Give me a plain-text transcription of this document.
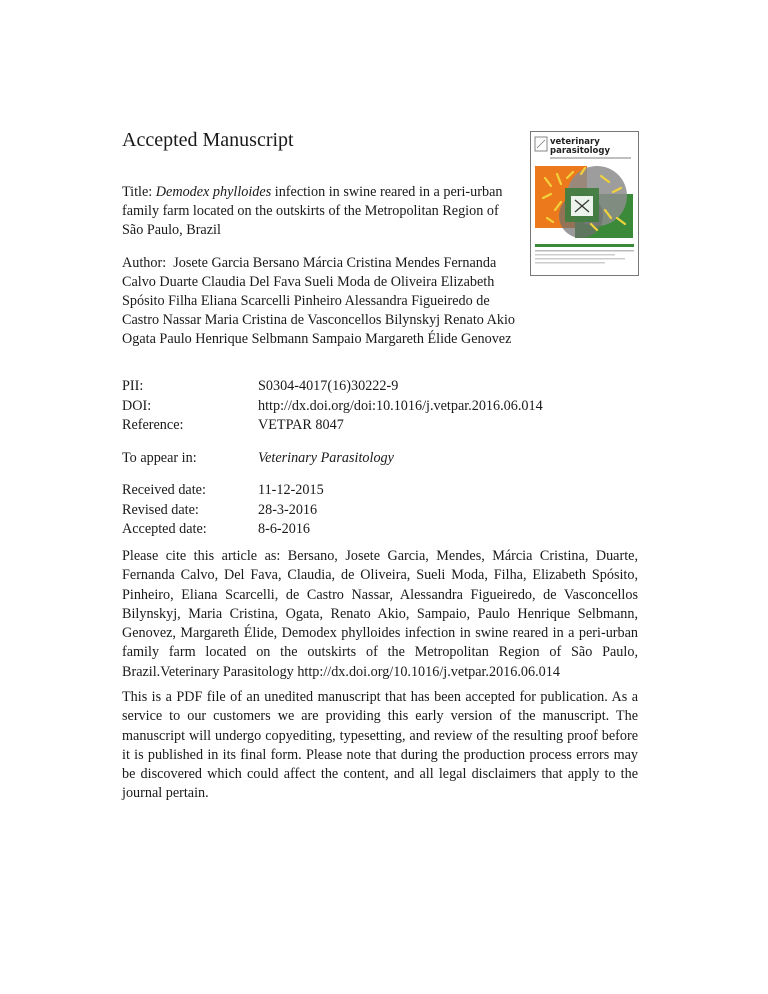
Accepted Manuscript
Title: Demodex phylloides infection in swine reared in a peri-urban family farm located on the outskirts of the Metropolitan Region of São Paulo, Brazil
Author: Josete Garcia Bersano Márcia Cristina Mendes Fernanda Calvo Duarte Claudia Del Fava Sueli Moda de Oliveira Elizabeth Spósito Filha Eliana Scarcelli Pinheiro Alessandra Figueiredo de Castro Nassar Maria Cristina de Vasconcellos Bilynskyj Renato Akio Ogata Paulo Henrique Selbmann Sampaio Margareth Élide Genovez
PII:	S0304-4017(16)30222-9
DOI:	http://dx.doi.org/doi:10.1016/j.vetpar.2016.06.014
Reference:	VETPAR 8047
To appear in:	Veterinary Parasitology
Received date:	11-12-2015
Revised date:	28-3-2016
Accepted date:	8-6-2016
Please cite this article as: Bersano, Josete Garcia, Mendes, Márcia Cristina, Duarte, Fernanda Calvo, Del Fava, Claudia, de Oliveira, Sueli Moda, Filha, Elizabeth Spósito, Pinheiro, Eliana Scarcelli, de Castro Nassar, Alessandra Figueiredo, de Vasconcellos Bilynskyj, Maria Cristina, Ogata, Renato Akio, Sampaio, Paulo Henrique Selbmann, Genovez, Margareth Élide, Demodex phylloides infection in swine reared in a peri-urban family farm located on the outskirts of the Metropolitan Region of São Paulo, Brazil.Veterinary Parasitology http://dx.doi.org/10.1016/j.vetpar.2016.06.014
This is a PDF file of an unedited manuscript that has been accepted for publication. As a service to our customers we are providing this early version of the manuscript. The manuscript will undergo copyediting, typesetting, and review of the resulting proof before it is published in its final form. Please note that during the production process errors may be discovered which could affect the content, and all legal disclaimers that apply to the journal pertain.
veterinary
parasitology
